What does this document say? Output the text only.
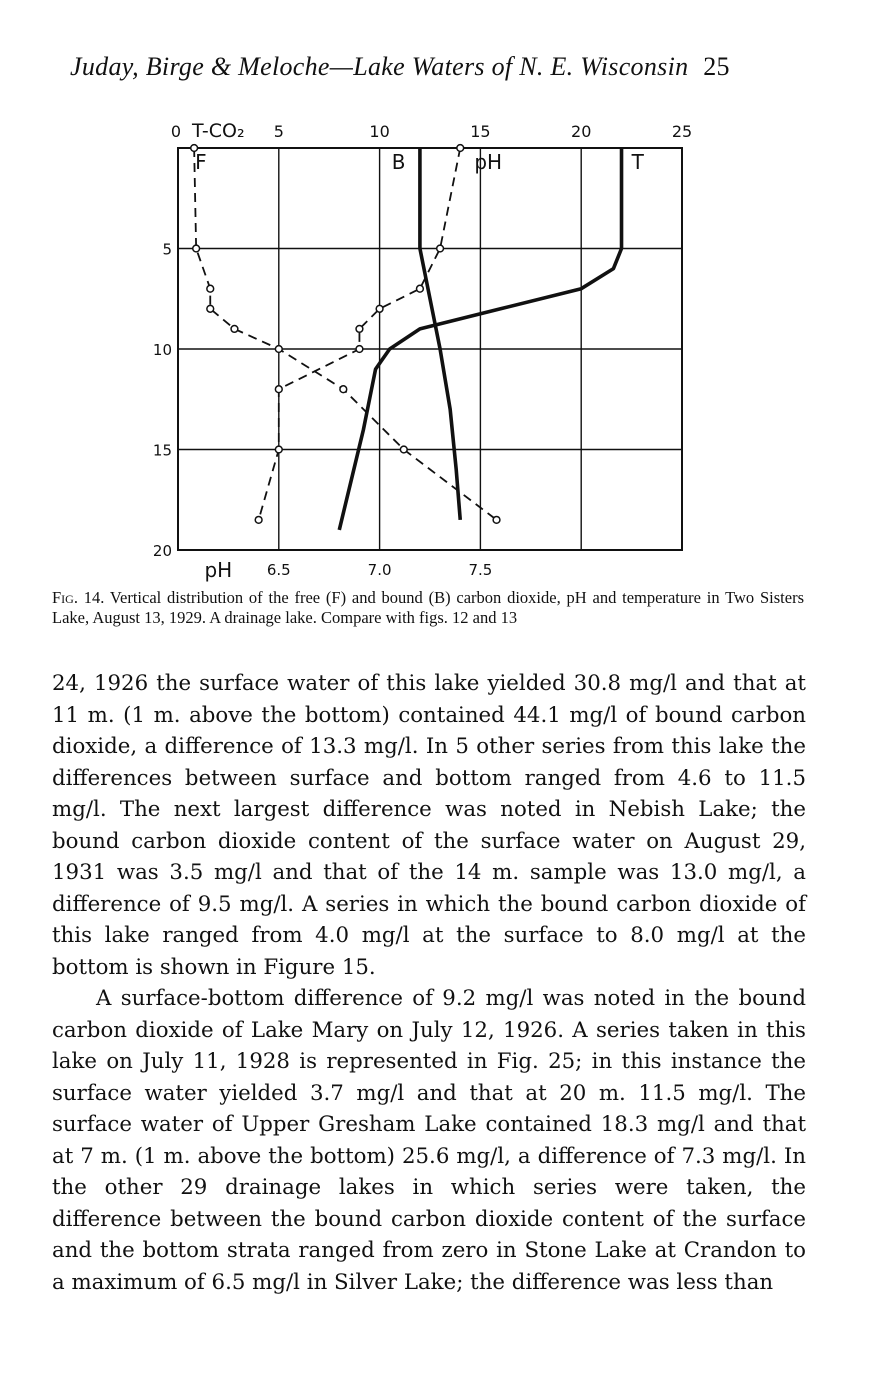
Juday, Birge & Meloche—Lake Waters of N. E. Wisconsin 25
0	5	10	15	20	25
T-CO₂
5
10
15
20
pH 6.5	7.0	7.5
F	B	pH	T
Fig. 14. Vertical distribution of the free (F) and bound (B) carbon dioxide, pH and temperature in Two Sisters Lake, August 13, 1929. A drainage lake. Compare with figs. 12 and 13

24, 1926 the surface water of this lake yielded 30.8 mg/l and that at 11 m. (1 m. above the bottom) contained 44.1 mg/l of bound carbon dioxide, a difference of 13.3 mg/l. In 5 other series from this lake the differences between surface and bottom ranged from 4.6 to 11.5 mg/l. The next largest difference was noted in Nebish Lake; the bound carbon dioxide content of the surface water on August 29, 1931 was 3.5 mg/l and that of the 14 m. sample was 13.0 mg/l, a difference of 9.5 mg/l. A series in which the bound carbon dioxide of this lake ranged from 4.0 mg/l at the surface to 8.0 mg/l at the bottom is shown in Figure 15.

A surface-bottom difference of 9.2 mg/l was noted in the bound carbon dioxide of Lake Mary on July 12, 1926. A series taken in this lake on July 11, 1928 is represented in Fig. 25; in this instance the surface water yielded 3.7 mg/l and that at 20 m. 11.5 mg/l. The surface water of Upper Gresham Lake contained 18.3 mg/l and that at 7 m. (1 m. above the bottom) 25.6 mg/l, a difference of 7.3 mg/l. In the other 29 drainage lakes in which series were taken, the difference between the bound carbon dioxide content of the surface and the bottom strata ranged from zero in Stone Lake at Crandon to a maximum of 6.5 mg/l in Silver Lake; the difference was less than
